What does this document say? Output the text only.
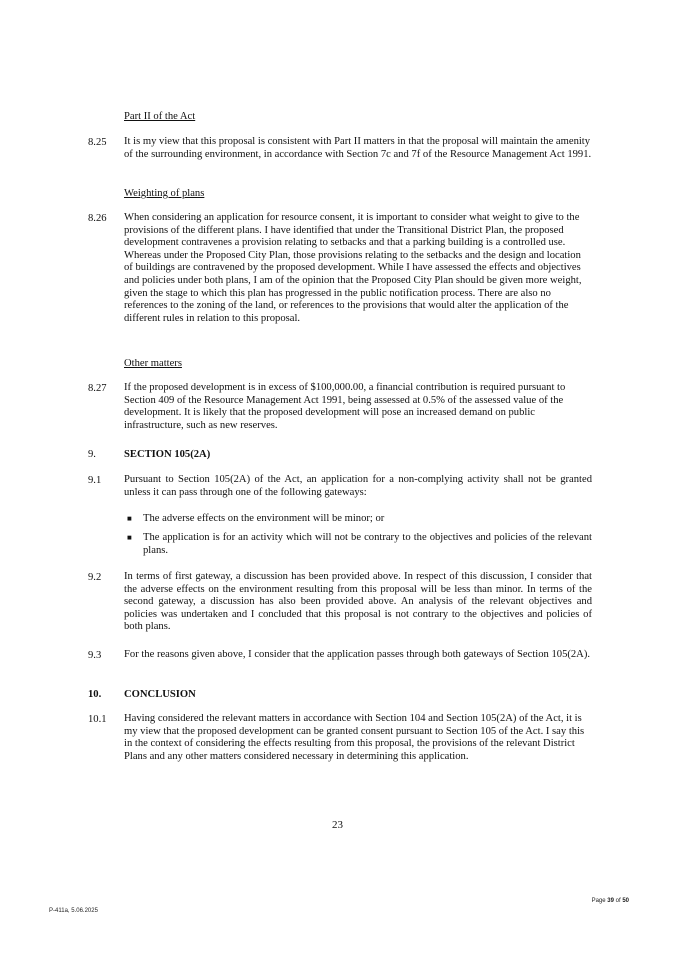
Part II of the Act
8.25 It is my view that this proposal is consistent with Part II matters in that the proposal will maintain the amenity of the surrounding environment, in accordance with Section 7c and 7f of the Resource Management Act 1991.
Weighting of plans
8.26 When considering an application for resource consent, it is important to consider what weight to give to the provisions of the different plans. I have identified that under the Transitional District Plan, the proposed development contravenes a provision relating to setbacks and that a parking building is a controlled use. Whereas under the Proposed City Plan, those provisions relating to the setbacks and the design and location of buildings are contravened by the proposed development. While I have assessed the effects and objectives and policies under both plans, I am of the opinion that the Proposed City Plan should be given more weight, given the stage to which this plan has progressed in the public notification process. There are also no references to the zoning of the land, or references to the provisions that would alter the application of the different rules in relation to this proposal.
Other matters
8.27 If the proposed development is in excess of $100,000.00, a financial contribution is required pursuant to Section 409 of the Resource Management Act 1991, being assessed at 0.5% of the assessed value of the development. It is likely that the proposed development will pose an increased demand on public infrastructure, such as new reserves.
9.	SECTION 105(2A)
9.1 Pursuant to Section 105(2A) of the Act, an application for a non-complying activity shall not be granted unless it can pass through one of the following gateways:
■ The adverse effects on the environment will be minor; or
■ The application is for an activity which will not be contrary to the objectives and policies of the relevant plans.
9.2 In terms of first gateway, a discussion has been provided above. In respect of this discussion, I consider that the adverse effects on the environment resulting from this proposal will be less than minor. In terms of the second gateway, a discussion has also been provided above. An analysis of the relevant objectives and policies was undertaken and I concluded that this proposal is not contrary to the objectives and policies of both plans.
9.3 For the reasons given above, I consider that the application passes through both gateways of Section 105(2A).
10. CONCLUSION
10.1 Having considered the relevant matters in accordance with Section 104 and Section 105(2A) of the Act, it is my view that the proposed development can be granted consent pursuant to Section 105 of the Act. I say this in the context of considering the effects resulting from this proposal, the provisions of the relevant District Plans and any other matters considered necessary in determining this application.
23
P-411a, 5.06.2025
Page 39 of 50
